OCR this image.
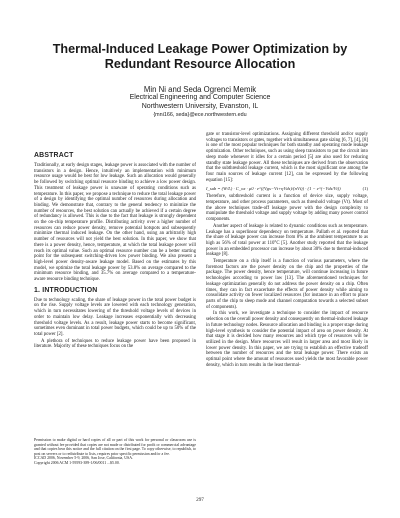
Thermal-Induced Leakage Power Optimization by
Redundant Resource Allocation
Min Ni and Seda Ogrenci Memik
Electrical Engineering and Computer Science
Northwestern University, Evanston, IL
{mni166, seda}@ece.northwestern.edu
ABSTRACT

Traditionally, at early design stages, leakage power is associated with the number of transistors in a design. Hence, intuitively an implementation with minimum resource usage would be best for low leakage. Such an allocation would generally be followed by switching optimal resource binding to achieve a low power design. This treatment of leakage power is unaware of operating conditions such as temperature. In this paper, we propose a technique to reduce the total leakage power of a design by identifying the optimal number of resources during allocation and binding. We demonstrate that, contrary to the general tendency to minimize the number of resources, the best solution can actually be achieved if a certain degree of redundancy is allowed. This is due to the fact that leakage is strongly dependent on the on-chip temperature profile. Distributing activity over a higher number of resources can reduce power density, remove potential hotspots and subsequently minimize thermal induced leakage. On the other hand, using an arbitrarily high number of resources will not yield the best solution. In this paper, we show that there is a power density, hence, temperature, at which the total leakage power will reach its optimal value. Such an optimal resource number can be a better starting point for the subsequent switching-driven low power binding. We also present a high-level power density-aware leakage model. Based on the estimates by this model, we optimize the total leakage power by 53.8% on average compared to the minimum resource binding, and 35.7% on average compared to a temperature-aware resource binding technique.

1. INTRODUCTION

Due to technology scaling, the share of leakage power in the total power budget is on the rise. Supply voltage levels are lowered with each technology generation, which in turn necessitates lowering of the threshold voltage levels of devices in order to maintain low delay. Leakage increases exponentially with decreasing threshold voltage levels. As a result, leakage power starts to become significant, sometimes even dominant in total power budgets, which could be up to 50% of the total power [2].

A plethora of techniques to reduce leakage power have been proposed in literature. Majority of these techniques focus on the

gate or transistor-level optimizations. Assigning different threshold and/or supply voltages to transistors or gates, together with simultaneous gate sizing [6, 7], [4], [8] is one of the most popular techniques for both standby and operating mode leakage optimization. Other techniques, such as using sleep transistors to put the circuit into sleep mode whenever it idles for a certain period [5] are also used for reducing standby state leakage power. All these techniques are derived from the observation that the subthreshold leakage current, which is the most significant one among the four main sources of leakage current [12], can be expressed by the following equation [15]:

I_sub = (W/L) · C_ox · μ0 · e^((Vgs−Vt+ηVds)/(nVt)) · (1 − e^(−Vds/Vt))	(1)

Therefore, subthreshold current is a function of device size, supply voltage, temperature, and other process parameters, such as threshold voltage (Vt). Most of the above techniques trade-off leakage power with the design complexity to manipulate the threshold voltage and supply voltage by adding many power control components.

Another aspect of leakage is related to dynamic conditions such as temperature. Leakage has a superlinear dependency on temperature. Pallath et al. reported that the share of leakage power can increase from 8% at the ambient temperature to as high as 56% of total power at 110°C [5]. Another study reported that the leakage power in an embedded processor can increase by about 30% due to thermal-induced leakage [8].

Temperature on a chip itself is a function of various parameters, where the foremost factors are the power density on the chip and the properties of the package. The power density, hence temperature, will continue increasing in future technologies according to power law [13]. The aforementioned techniques for leakage optimization generally do not address the power density on a chip. Often times, they can in fact exacerbate the effects of power density while aiming to consolidate activity on fewer localized resources (for instance in an effort to place parts of the chip to sleep mode and channel computation towards a selected subset of components).

In this work, we investigate a technique to consider the impact of resource selection on the overall power density and consequently on thermal-induced leakage in future technology nodes. Resource allocation and binding is a proper stage during high-level synthesis to consider the potential impact of area on power density. At that stage it is decided how many resources and which type of resources will be utilized in the design. More resources will result in larger area and most likely in lower power density. In this paper, we are trying to establish an effective tradeoff between the number of resources and the total leakage power. There exists an optimal point where the amount of resources used yields the most favorable power density, which in turn results in the least thermal-

Permission to make digital or hard copies of all or part of this work for personal or classroom use is granted without fee provided that copies are not made or distributed for profit or commercial advantage and that copies bear this notice and the full citation on the first page. To copy otherwise, to republish, to post on servers or to redistribute to lists, requires prior specific permission and/or a fee.
ICCAD 2006, November 5-9, 2006, San Jose, California, USA.
Copyright 2006 ACM 1-59593-389-1/06/0011 ...$5.00.
297
